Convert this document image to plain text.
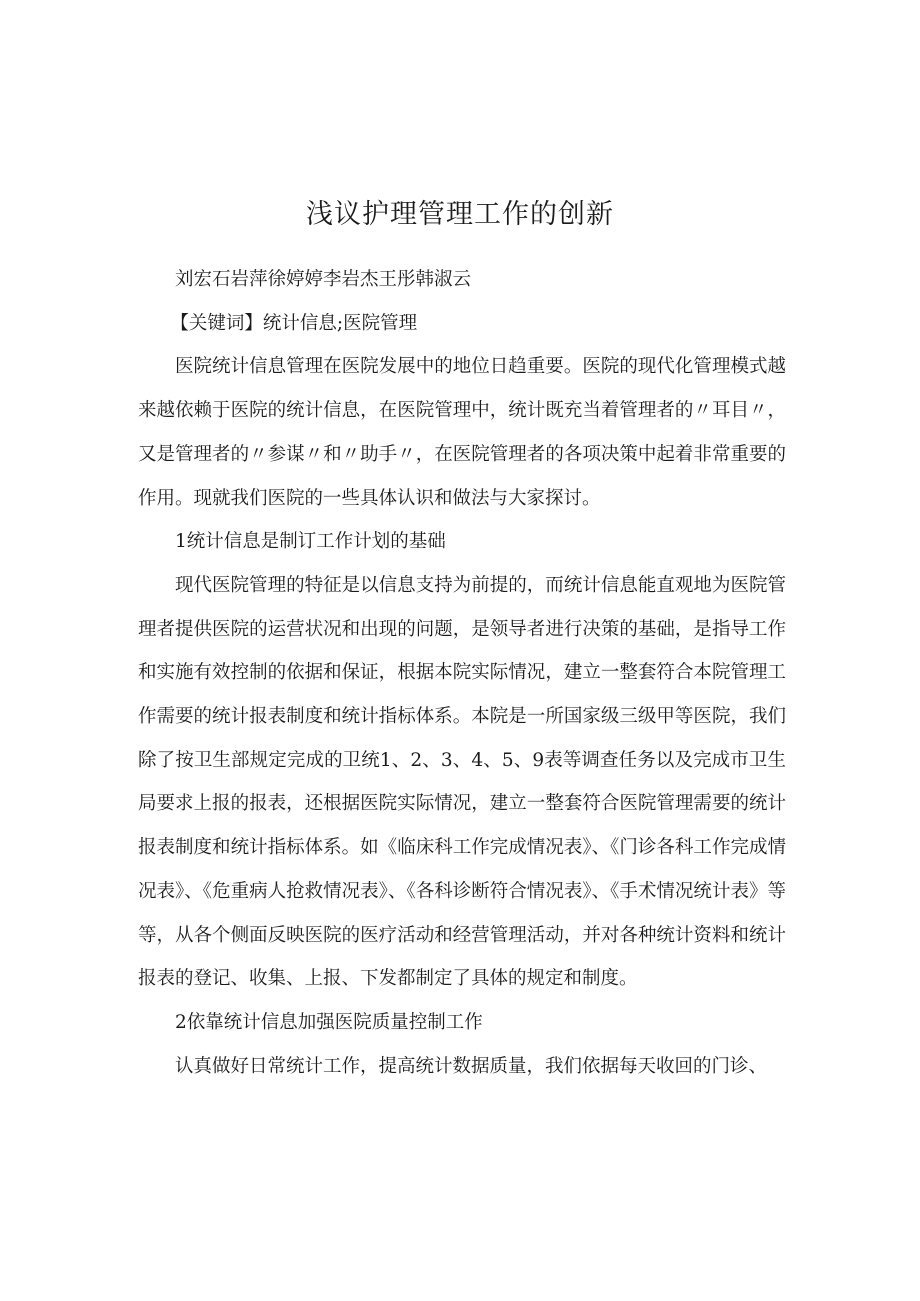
浅议护理管理工作的创新

刘宏石岩萍徐婷婷李岩杰王彤韩淑云

【关键词】统计信息;医院管理

医院统计信息管理在医院发展中的地位日趋重要。医院的现代化管理模式越来越依赖于医院的统计信息，在医院管理中，统计既充当着管理者的〃耳目〃，又是管理者的〃参谋〃和〃助手〃，在医院管理者的各项决策中起着非常重要的作用。现就我们医院的一些具体认识和做法与大家探讨。

1统计信息是制订工作计划的基础

现代医院管理的特征是以信息支持为前提的，而统计信息能直观地为医院管理者提供医院的运营状况和出现的问题，是领导者进行决策的基础，是指导工作和实施有效控制的依据和保证，根据本院实际情况，建立一整套符合本院管理工作需要的统计报表制度和统计指标体系。本院是一所国家级三级甲等医院，我们除了按卫生部规定完成的卫统1、2、3、4、5、9表等调查任务以及完成市卫生局要求上报的报表，还根据医院实际情况，建立一整套符合医院管理需要的统计报表制度和统计指标体系。如《临床科工作完成情况表》、《门诊各科工作完成情况表》、《危重病人抢救情况表》、《各科诊断符合情况表》、《手术情况统计表》等等，从各个侧面反映医院的医疗活动和经营管理活动，并对各种统计资料和统计报表的登记、收集、上报、下发都制定了具体的规定和制度。

2依靠统计信息加强医院质量控制工作

认真做好日常统计工作，提高统计数据质量，我们依据每天收回的门诊、
